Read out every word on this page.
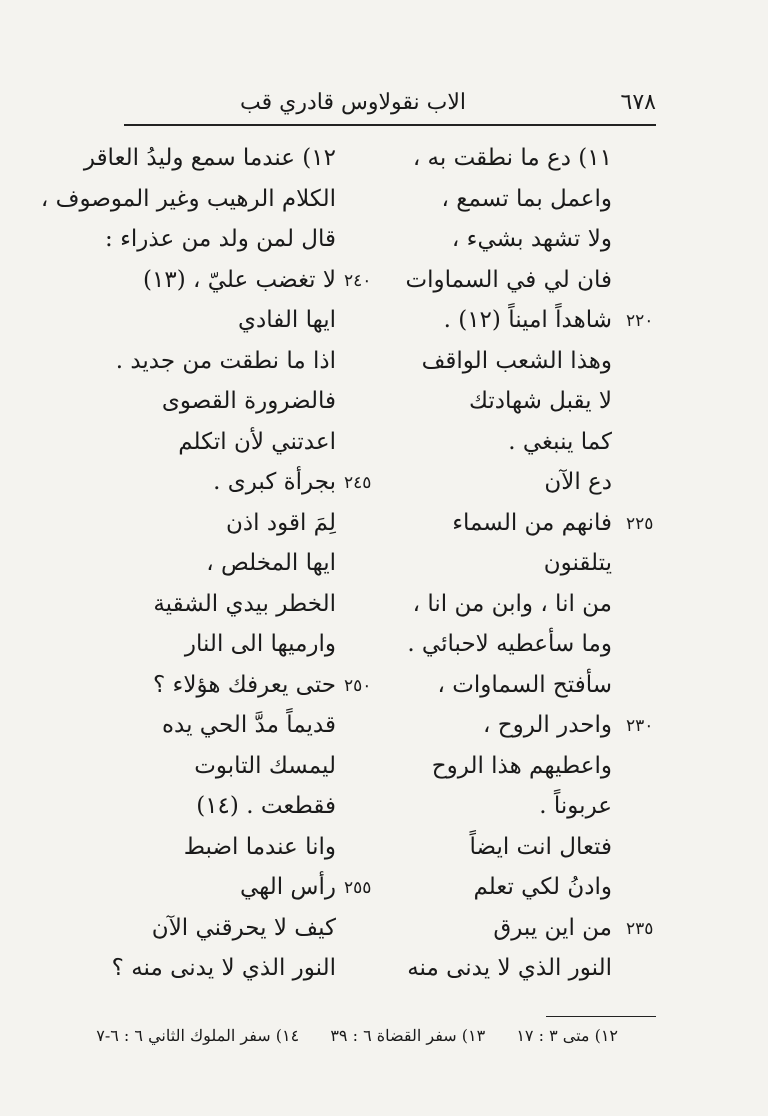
الاب نقولاوس قادري قب	٦٧٨
١١) دع ما نطقت به ،
واعمل بما تسمع ،
ولا تشهد بشيء ،
فان لي في السماوات
شاهداً اميناً (١٢) . ٢٢٠
وهذا الشعب الواقف
لا يقبل شهادتك
كما ينبغي .
دع الآن
فانهم من السماء ٢٢٥
يتلقنون
من انا ، وابن من انا ،
وما سأعطيه لاحبائي .
سأفتح السماوات ،
واحدر الروح ، ٢٣٠
واعطيهم هذا الروح
عربوناً .
فتعال انت ايضاً
وادنُ لكي تعلم
من اين يبرق ٢٣٥
النور الذي لا يدنى منه
١٢) عندما سمع وليدُ العاقر
الكلام الرهيب وغير الموصوف ،
قال لمن ولد من عذراء :
لا تغضب عليّ ، (١٣) ٢٤٠
ايها الفادي
اذا ما نطقت من جديد .
فالضرورة القصوى
اعدتني لأن اتكلم
بجرأة كبرى . ٢٤٥
لِمَ اقود اذن
ايها المخلص ،
الخطر بيدي الشقية
وارميها الى النار
حتى يعرفك هؤلاء ؟ ٢٥٠
قديماً مدَّ الحي يده
ليمسك التابوت
فقطعت . (١٤)
وانا عندما اضبط
رأس الهي ٢٥٥
كيف لا يحرقني الآن
النور الذي لا يدنى منه ؟
١٢) متى ٣ : ١٧ ١٣) سفر القضاة ٦ : ٣٩ ١٤) سفر الملوك الثاني ٦ : ٦-٧
